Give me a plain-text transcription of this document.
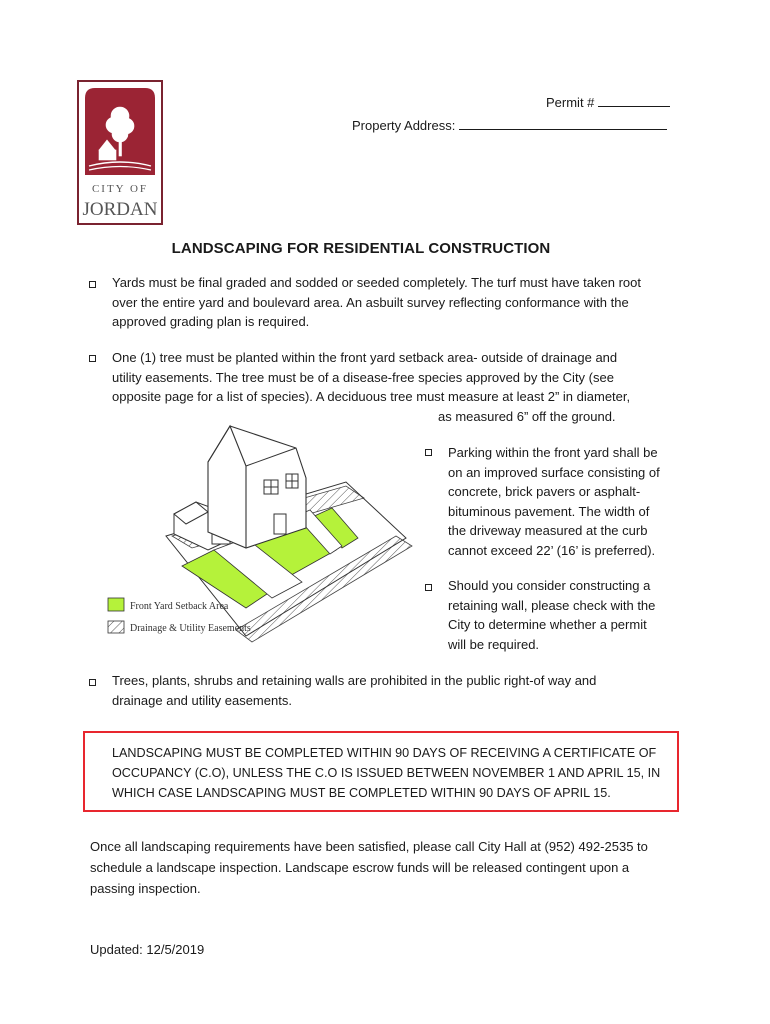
CITY OF
JORDAN
Permit #
Property Address:
LANDSCAPING FOR RESIDENTIAL CONSTRUCTION
Yards must be final graded and sodded or seeded completely. The turf must have taken root
over the entire yard and boulevard area. An asbuilt survey reflecting conformance with the
approved grading plan is required.
One (1) tree must be planted within the front yard setback area- outside of drainage and
utility easements. The tree must be of a disease-free species approved by the City (see
opposite page for a list of species). A deciduous tree must measure at least 2” in diameter,
as measured 6” off the ground.
Front Yard Setback Area
Drainage & Utility Easements
Parking within the front yard shall be
on an improved surface consisting of
concrete, brick pavers or asphalt-
bituminous pavement. The width of
the driveway measured at the curb
cannot exceed 22’ (16’ is preferred).
Should you consider constructing a
retaining wall, please check with the
City to determine whether a permit
will be required.
Trees, plants, shrubs and retaining walls are prohibited in the public right-of way and
drainage and utility easements.
LANDSCAPING MUST BE COMPLETED WITHIN 90 DAYS OF RECEIVING A CERTIFICATE OF
OCCUPANCY (C.O), UNLESS THE C.O IS ISSUED BETWEEN NOVEMBER 1 AND APRIL 15, IN
WHICH CASE LANDSCAPING MUST BE COMPLETED WITHIN 90 DAYS OF APRIL 15.
Once all landscaping requirements have been satisfied, please call City Hall at (952) 492-2535 to
schedule a landscape inspection. Landscape escrow funds will be released contingent upon a
passing inspection.
Updated: 12/5/2019
